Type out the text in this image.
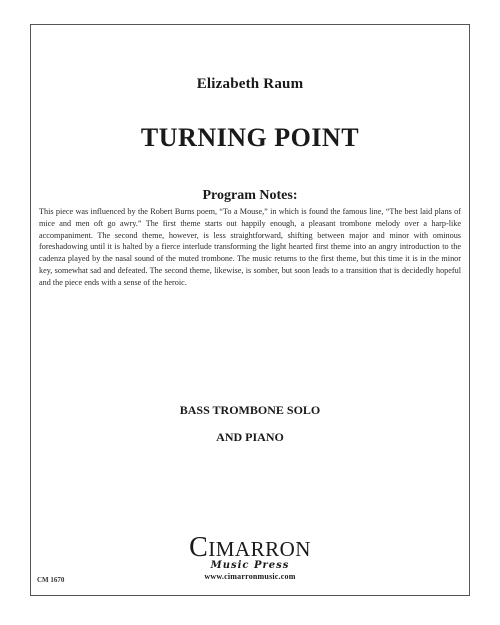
Elizabeth Raum
TURNING POINT
Program Notes:
This piece was influenced by the Robert Burns poem, “To a Mouse,” in which is found the famous line, “The best laid plans of mice and men oft go awry.” The first theme starts out happily enough, a pleasant trombone melody over a harp-like accompaniment. The second theme, however, is less straightforward, shifting between major and minor with ominous foreshadowing until it is halted by a fierce interlude transforming the light hearted first theme into an angry introduction to the cadenza played by the nasal sound of the muted trombone. The music returns to the first theme, but this time it is in the minor key, somewhat sad and defeated. The second theme, likewise, is somber, but soon leads to a transition that is decidedly hopeful and the piece ends with a sense of the heroic.
BASS TROMBONE SOLO
AND PIANO
CIMARRON
Music Press
www.cimarronmusic.com
CM 1670
